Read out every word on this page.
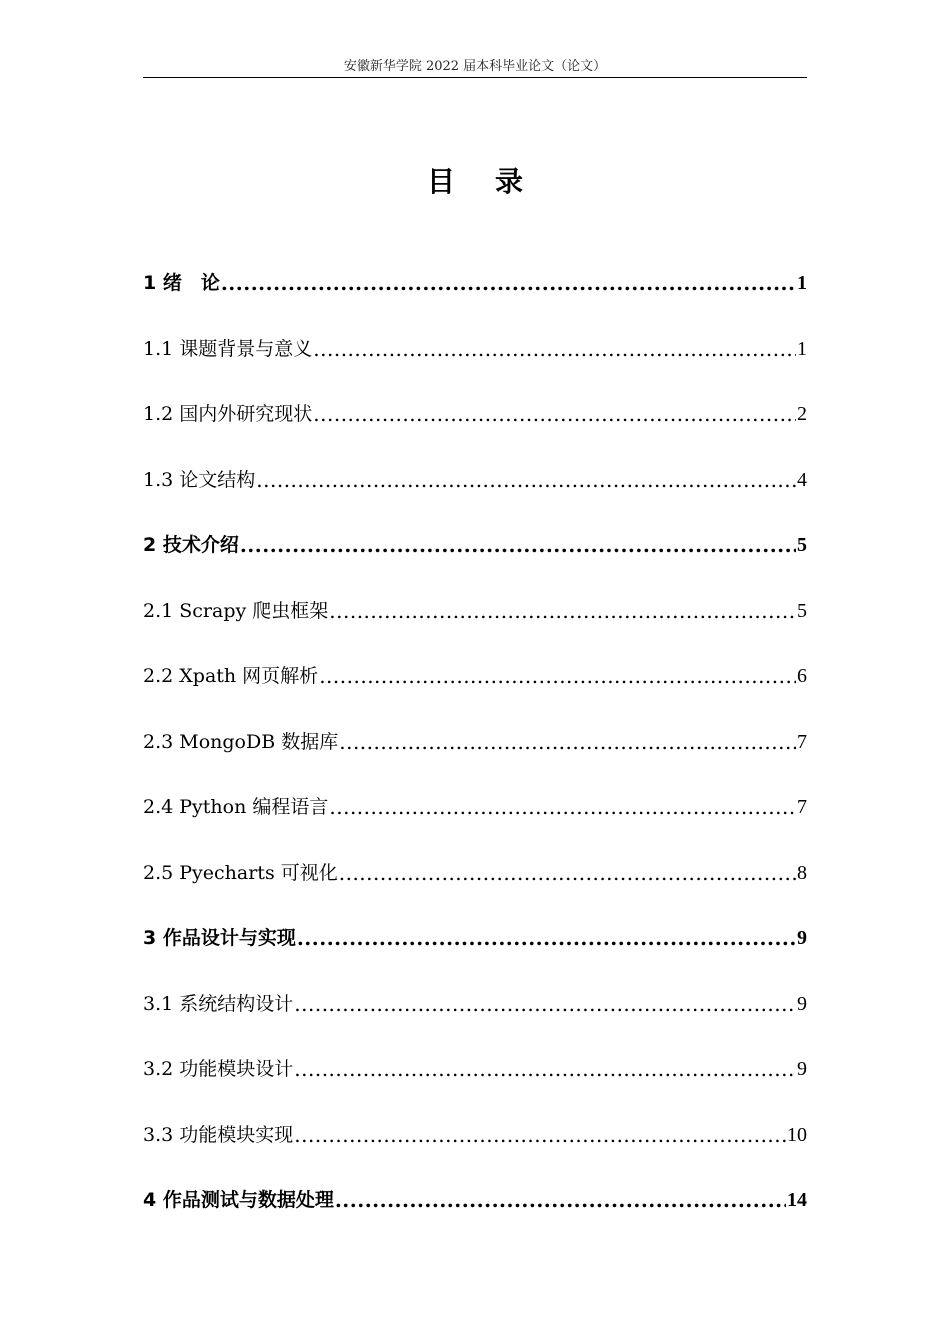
安徽新华学院 2022 届本科毕业论文（论文）
目录
1 绪　论 .....	1
1.1 课题背景与意义 .....	1
1.2 国内外研究现状 .....	2
1.3 论文结构 .....	4
2 技术介绍 .....	5
2.1 Scrapy 爬虫框架 .....	5
2.2 Xpath 网页解析 .....	6
2.3 MongoDB 数据库 .....	7
2.4 Python 编程语言 .....	7
2.5 Pyecharts 可视化 .....	8
3 作品设计与实现 .....	9
3.1 系统结构设计 .....	9
3.2 功能模块设计 .....	9
3.3 功能模块实现 .....	10
4 作品测试与数据处理 .....	14
